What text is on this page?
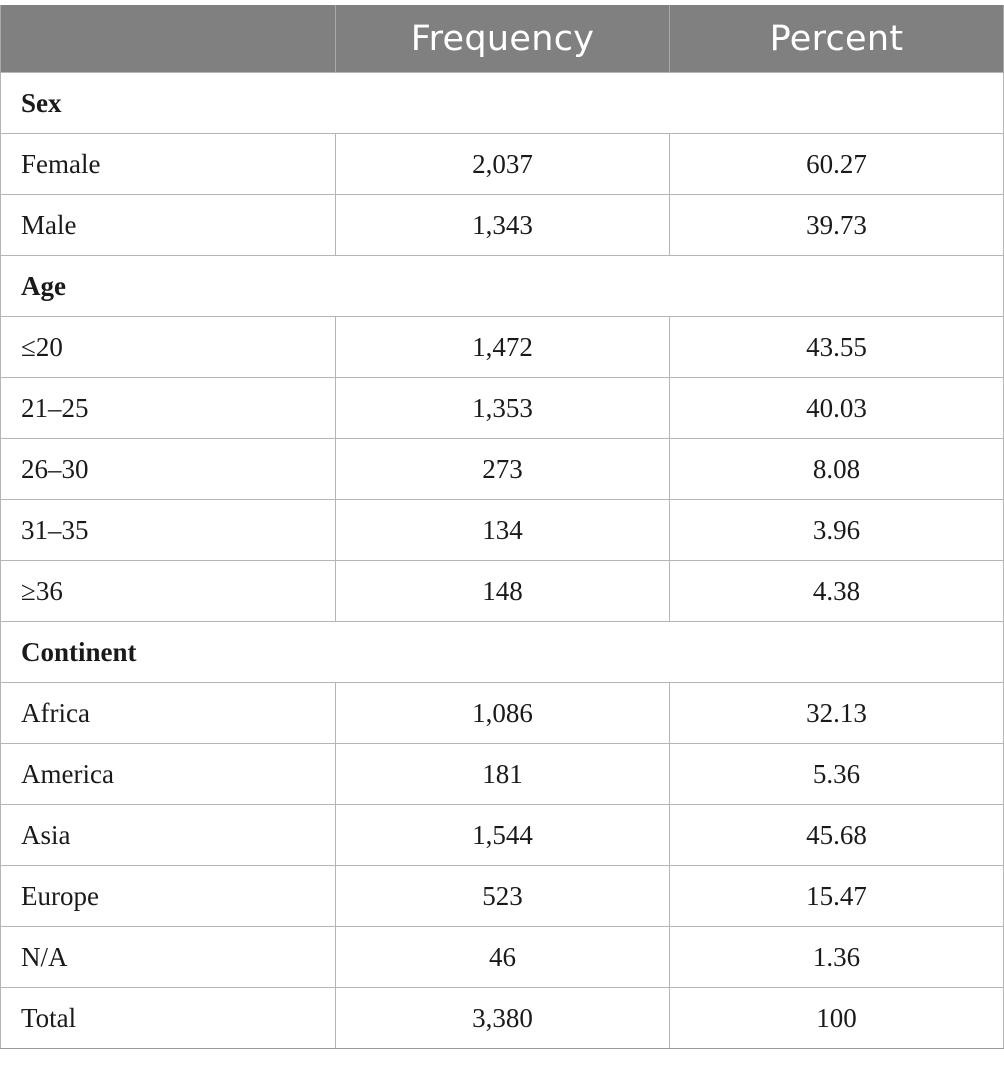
	Frequency	Percent
Sex		
Female	2,037	60.27
Male	1,343	39.73
Age		
≤20	1,472	43.55
21–25	1,353	40.03
26–30	273	8.08
31–35	134	3.96
≥36	148	4.38
Continent		
Africa	1,086	32.13
America	181	5.36
Asia	1,544	45.68
Europe	523	15.47
N/A	46	1.36
Total	3,380	100
